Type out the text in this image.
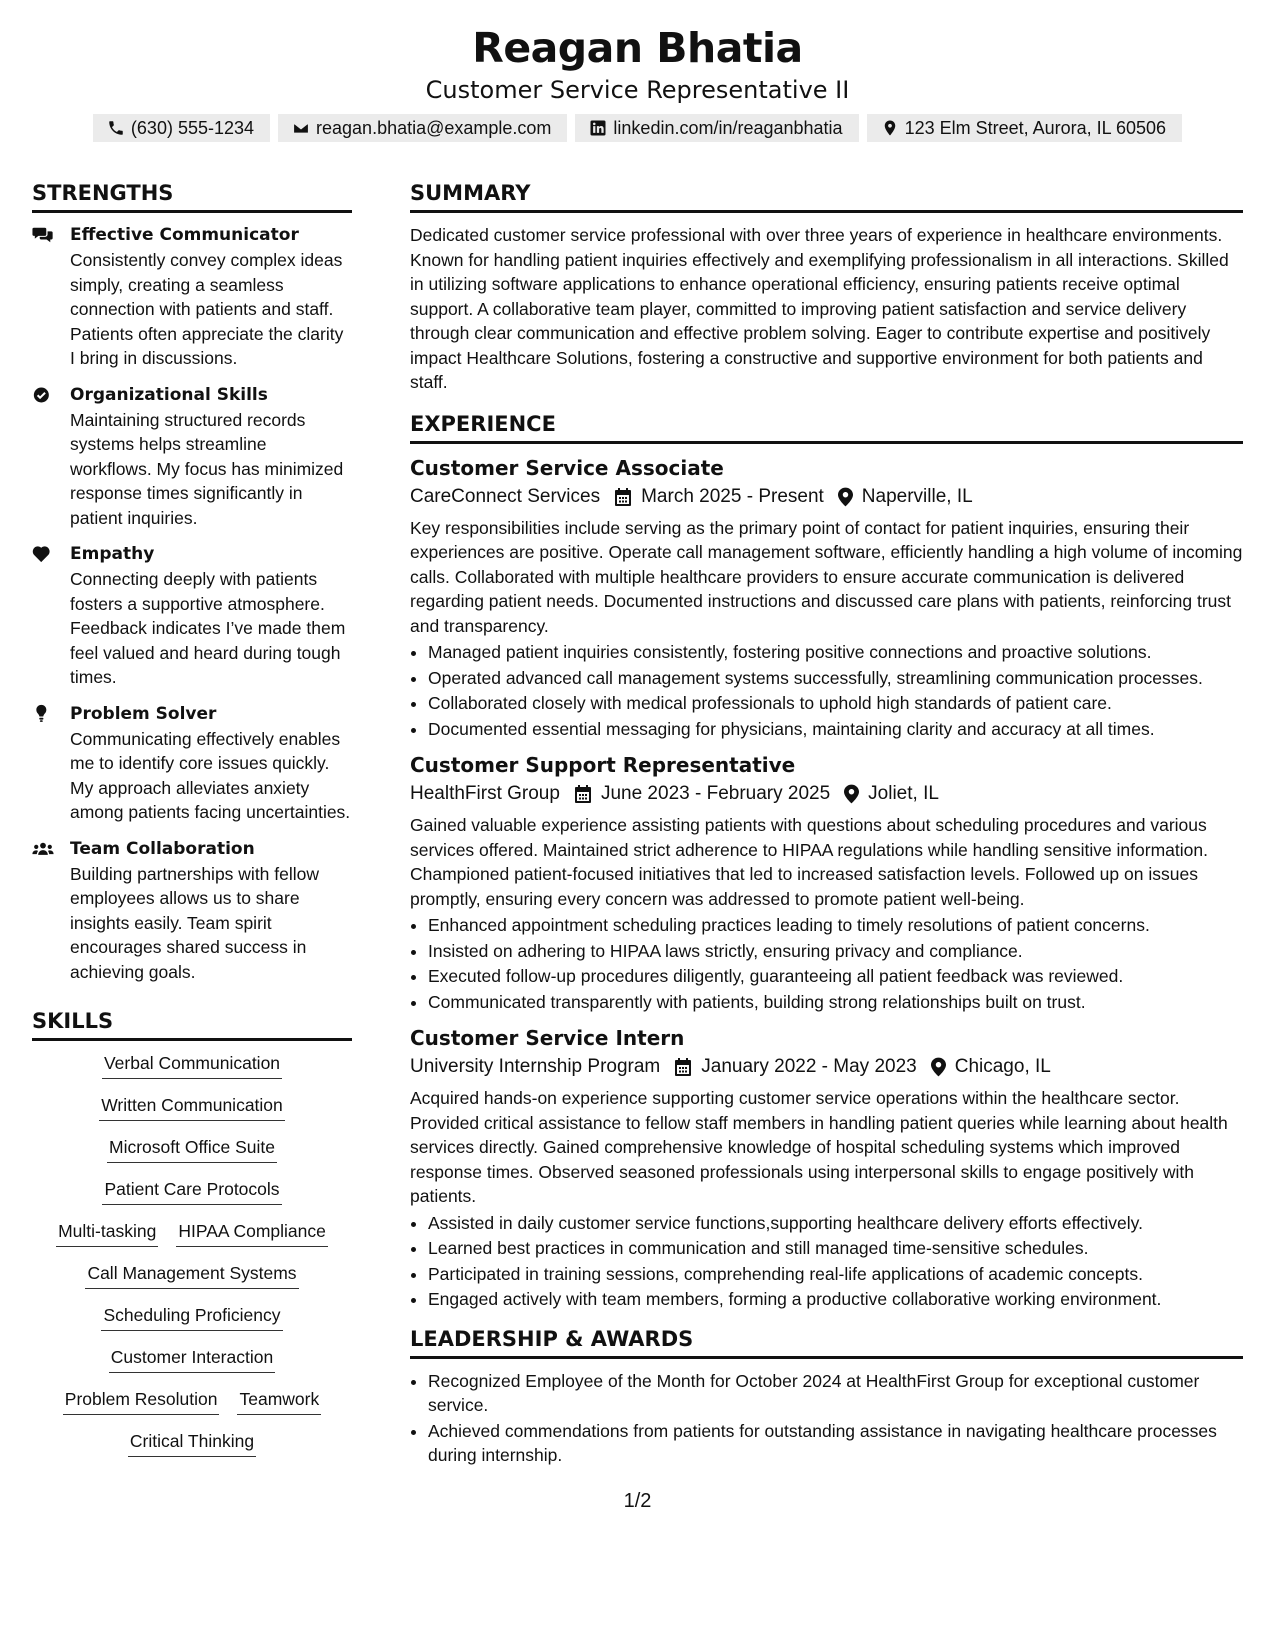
Reagan Bhatia
Customer Service Representative II
(630) 555-1234	reagan.bhatia@example.com	linkedin.com/in/reaganbhatia	123 Elm Street, Aurora, IL 60506
STRENGTHS
Effective Communicator
Consistently convey complex ideas simply, creating a seamless connection with patients and staff. Patients often appreciate the clarity I bring in discussions.
Organizational Skills
Maintaining structured records systems helps streamline workflows. My focus has minimized response times significantly in patient inquiries.
Empathy
Connecting deeply with patients fosters a supportive atmosphere. Feedback indicates I’ve made them feel valued and heard during tough times.
Problem Solver
Communicating effectively enables me to identify core issues quickly. My approach alleviates anxiety among patients facing uncertainties.
Team Collaboration
Building partnerships with fellow employees allows us to share insights easily. Team spirit encourages shared success in achieving goals.
SKILLS
Verbal Communication
Written Communication
Microsoft Office Suite
Patient Care Protocols
Multi-tasking HIPAA Compliance
Call Management Systems
Scheduling Proficiency
Customer Interaction
Problem Resolution Teamwork
Critical Thinking
SUMMARY
Dedicated customer service professional with over three years of experience in healthcare environments. Known for handling patient inquiries effectively and exemplifying professionalism in all interactions. Skilled in utilizing software applications to enhance operational efficiency, ensuring patients receive optimal support. A collaborative team player, committed to improving patient satisfaction and service delivery through clear communication and effective problem solving. Eager to contribute expertise and positively impact Healthcare Solutions, fostering a constructive and supportive environment for both patients and staff.
EXPERIENCE
Customer Service Associate
CareConnect Services March 2025 - Present Naperville, IL
Key responsibilities include serving as the primary point of contact for patient inquiries, ensuring their experiences are positive. Operate call management software, efficiently handling a high volume of incoming calls. Collaborated with multiple healthcare providers to ensure accurate communication is delivered regarding patient needs. Documented instructions and discussed care plans with patients, reinforcing trust and transparency.
• Managed patient inquiries consistently, fostering positive connections and proactive solutions.
• Operated advanced call management systems successfully, streamlining communication processes.
• Collaborated closely with medical professionals to uphold high standards of patient care.
• Documented essential messaging for physicians, maintaining clarity and accuracy at all times.
Customer Support Representative
HealthFirst Group June 2023 - February 2025 Joliet, IL
Gained valuable experience assisting patients with questions about scheduling procedures and various services offered. Maintained strict adherence to HIPAA regulations while handling sensitive information. Championed patient-focused initiatives that led to increased satisfaction levels. Followed up on issues promptly, ensuring every concern was addressed to promote patient well-being.
• Enhanced appointment scheduling practices leading to timely resolutions of patient concerns.
• Insisted on adhering to HIPAA laws strictly, ensuring privacy and compliance.
• Executed follow-up procedures diligently, guaranteeing all patient feedback was reviewed.
• Communicated transparently with patients, building strong relationships built on trust.
Customer Service Intern
University Internship Program January 2022 - May 2023 Chicago, IL
Acquired hands-on experience supporting customer service operations within the healthcare sector. Provided critical assistance to fellow staff members in handling patient queries while learning about health services directly. Gained comprehensive knowledge of hospital scheduling systems which improved response times. Observed seasoned professionals using interpersonal skills to engage positively with patients.
• Assisted in daily customer service functions,supporting healthcare delivery efforts effectively.
• Learned best practices in communication and still managed time-sensitive schedules.
• Participated in training sessions, comprehending real-life applications of academic concepts.
• Engaged actively with team members, forming a productive collaborative working environment.
LEADERSHIP & AWARDS
• Recognized Employee of the Month for October 2024 at HealthFirst Group for exceptional customer service.
• Achieved commendations from patients for outstanding assistance in navigating healthcare processes during internship.
1/2
